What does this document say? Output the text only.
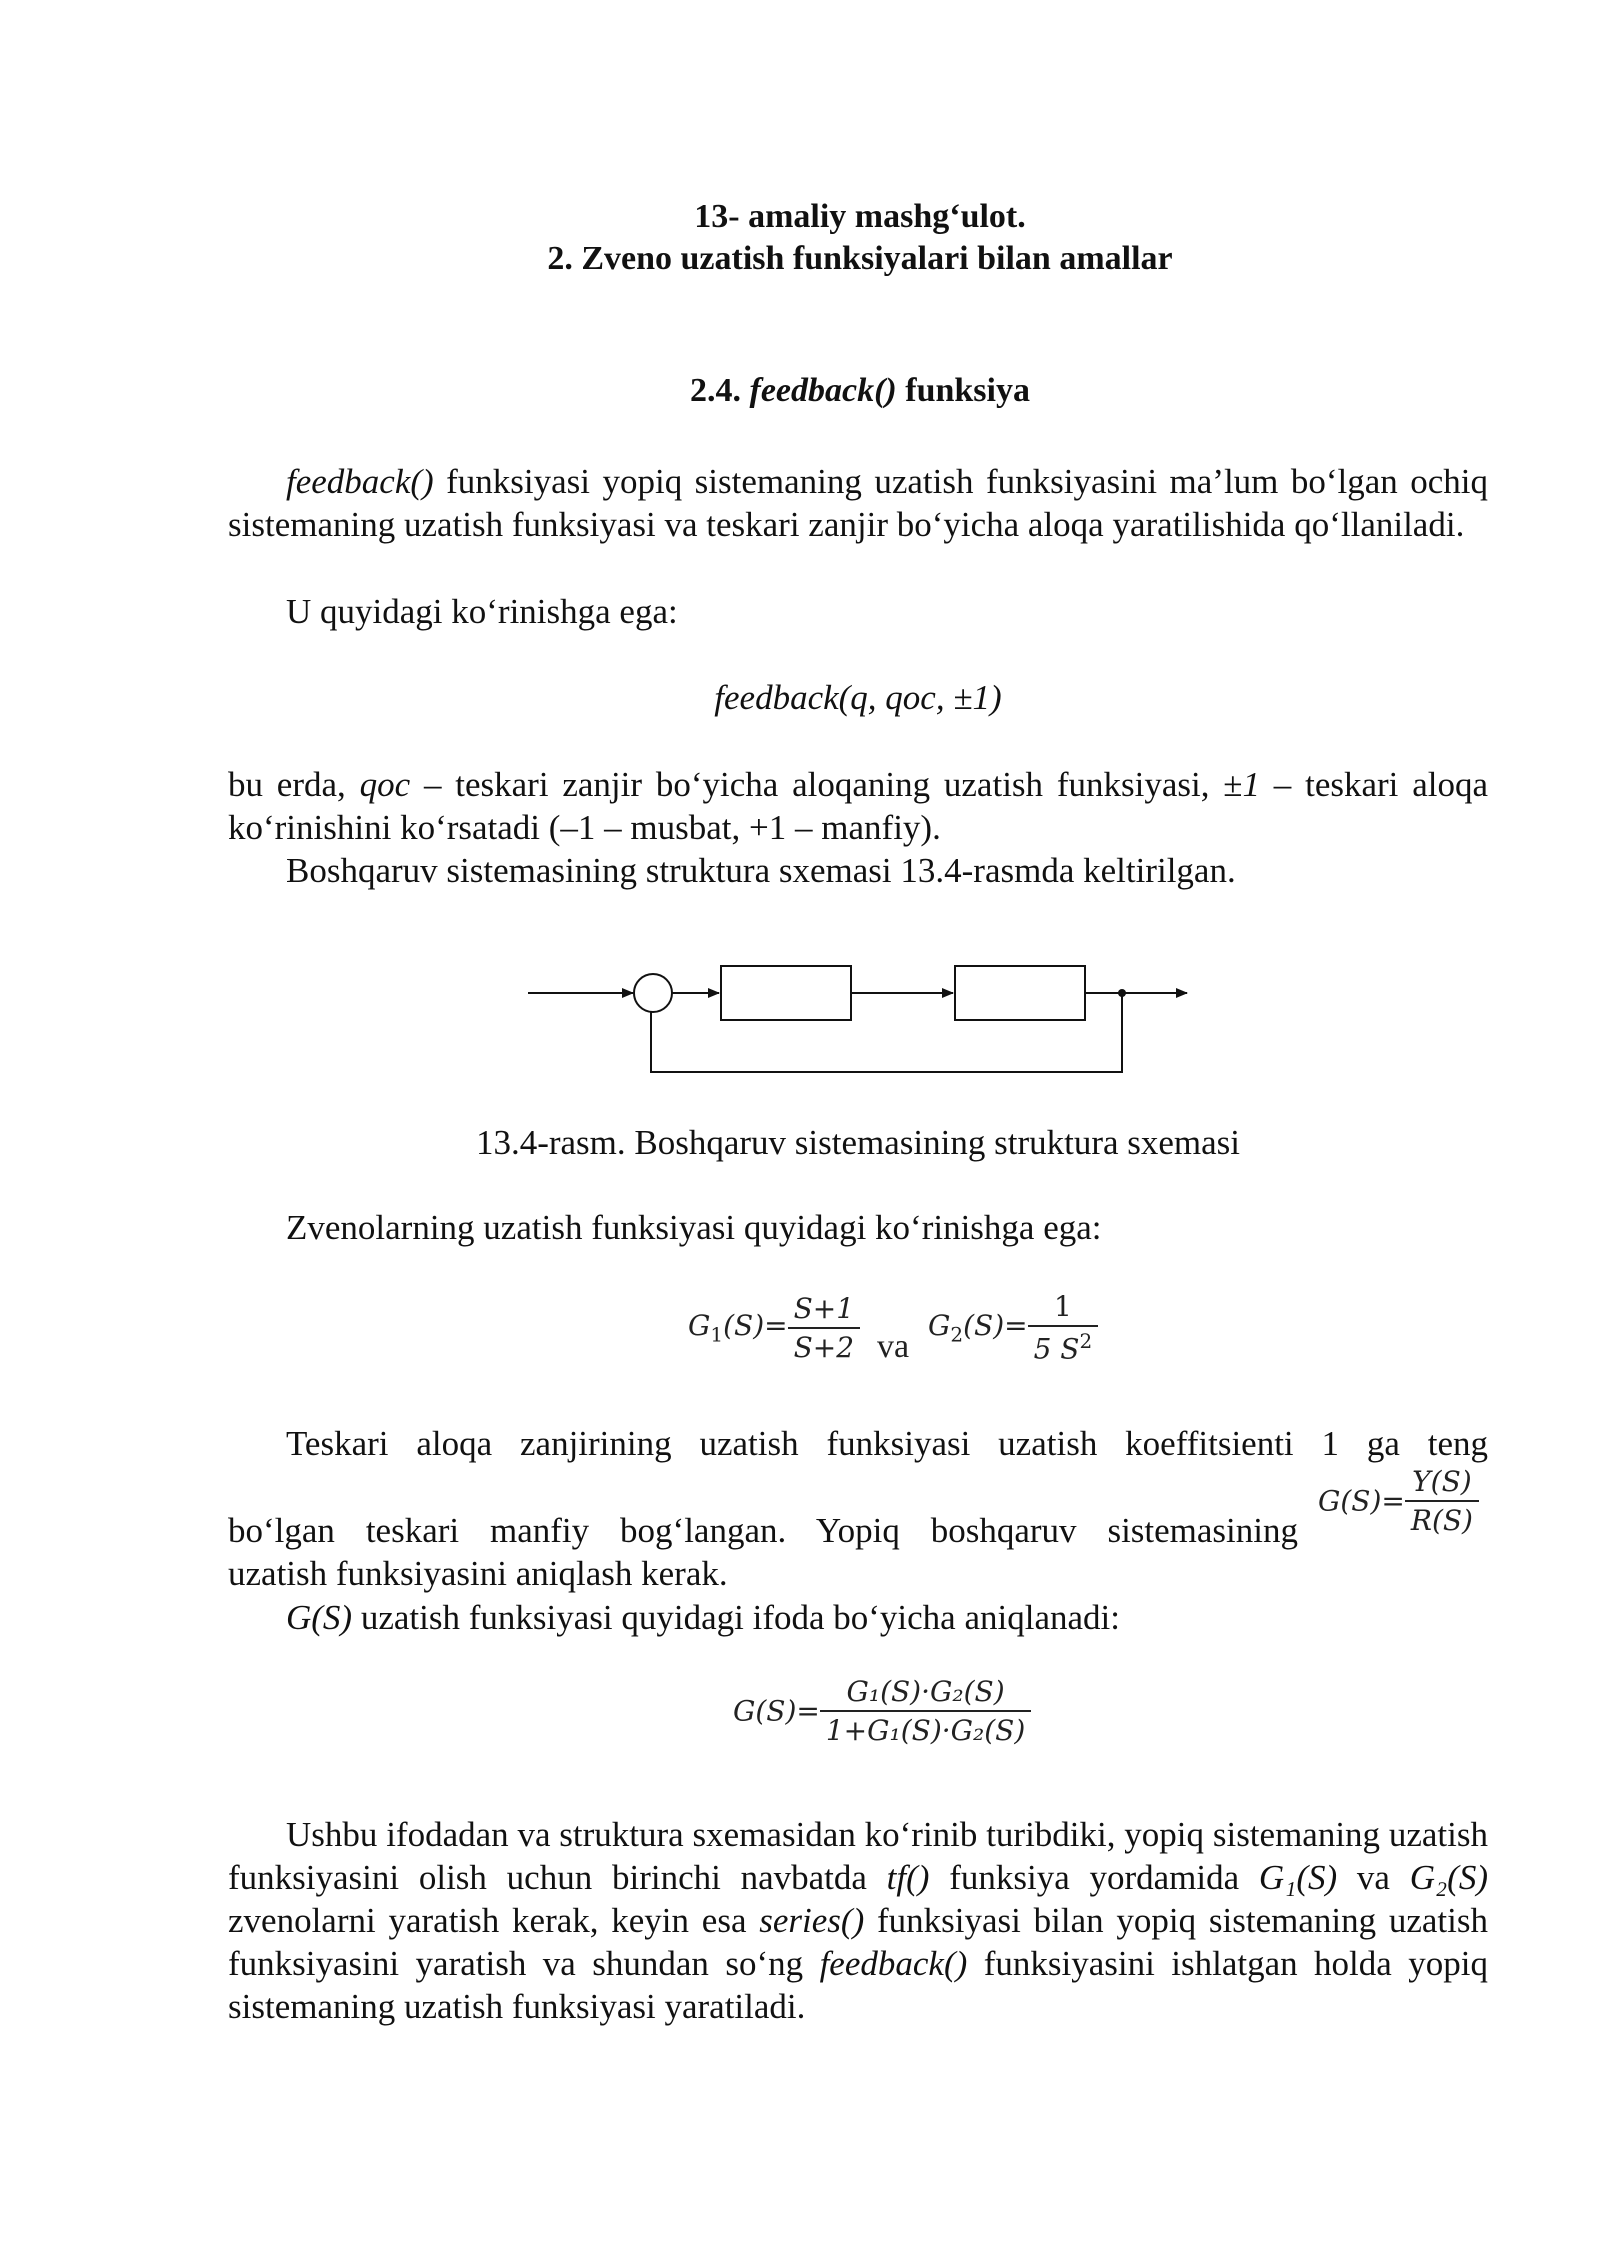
13- amaliy mashg‘ulot.
2. Zveno uzatish funksiyalari bilan amallar
2.4. feedback() funksiya
feedback() funksiyasi yopiq sistemaning uzatish funksiyasini ma’lum bo‘lgan ochiq sistemaning uzatish funksiyasi va teskari zanjir bo‘yicha aloqa yaratilishida qo‘llaniladi.
U quyidagi ko‘rinishga ega:
feedback(q, qoc, ±1)
bu erda, qoc – teskari zanjir bo‘yicha aloqaning uzatish funksiyasi, ±1 – teskari aloqa ko‘rinishini ko‘rsatadi (–1 – musbat, +1 – manfiy).
Boshqaruv sistemasining struktura sxemasi 13.4-rasmda keltirilgan.
13.4-rasm. Boshqaruv sistemasining struktura sxemasi
Zvenolarning uzatish funksiyasi quyidagi ko‘rinishga ega:
$G_1(S)= \frac{S+1}{S+2}$ va $G_2(S)= \frac{1}{5 S^2}$
Teskari aloqa zanjirining uzatish funksiyasi uzatish koeffitsienti 1 ga teng
bo‘lgan teskari manfiy bog‘langan. Yopiq boshqaruv sistemasining
uzatish funksiyasini aniqlash kerak.
$G(S)= \frac{Y(S)}{R(S)}$
G(S) uzatish funksiyasi quyidagi ifoda bo‘yicha aniqlanadi:
$G(S)= \frac{\text{G₁(S)·G₂(S)}}{\text{1+G₁(S)·G₂(S)}}$
Ushbu ifodadan va struktura sxemasidan ko‘rinib turibdiki, yopiq sistemaning uzatish funksiyasini olish uchun birinchi navbatda tf() funksiya yordamida G₁(S) va G₂(S) zvenolarni yaratish kerak, keyin esa series() funksiyasi bilan yopiq sistemaning uzatish funksiyasini yaratish va shundan so‘ng feedback() funksiyasini ishlatgan holda yopiq sistemaning uzatish funksiyasi yaratiladi.
